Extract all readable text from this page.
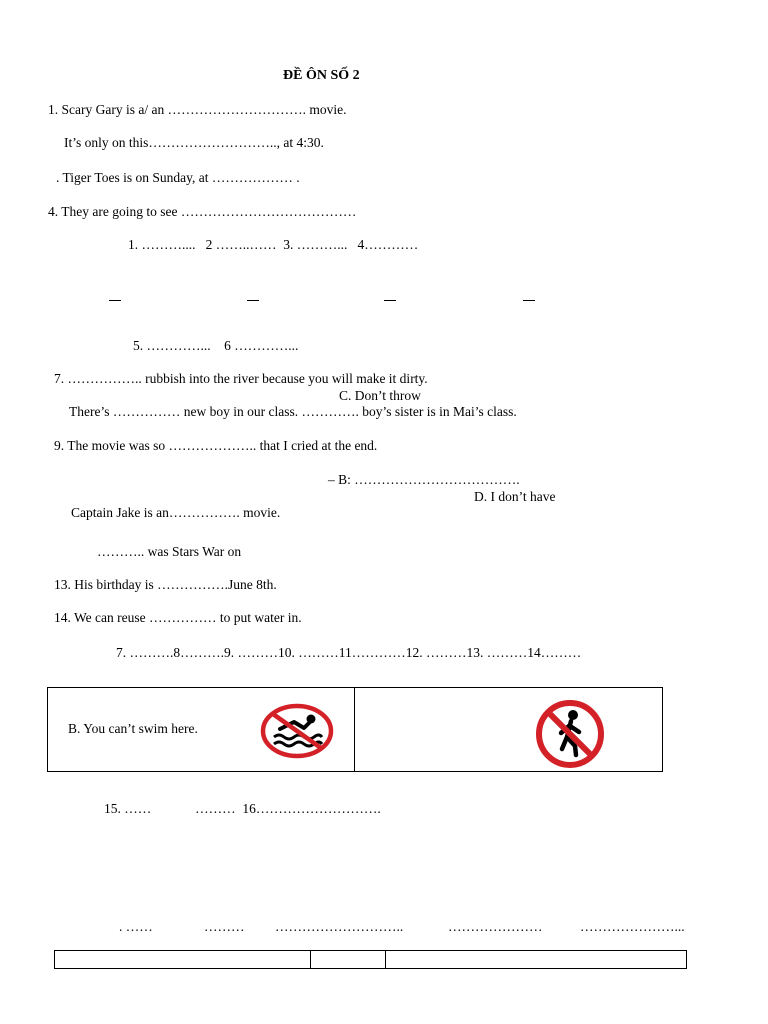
ĐỀ ÔN SỐ 2
1. Scary Gary is a/ an …………………………. movie.
It’s only on this……………………….., at 4:30.
. Tiger Toes is on Sunday, at ……………… .
4. They are going to see …………………………………
1. ………....   2 ……..……  3. ………...   4…………
5. …………...    6 …………...
7. …………….. rubbish into the river because you will make it dirty.
C. Don’t throw
There’s …………… new boy in our class. …………. boy’s sister is in Mai’s class.
9. The movie was so ……………….. that I cried at the end.
– B: ……………………………….
D. I don’t have
Captain Jake is an……………. movie.
……….. was Stars War on
13. His birthday is …………….June 8th.
14. We can reuse …………… to put water in.
7. ……….8……….9. ………10. ………11…………12. ………13. ………14………
B. You can’t swim here.
15. ……             ………  16……………………….
. ……	……… ………………………..	…………………	…………………...
